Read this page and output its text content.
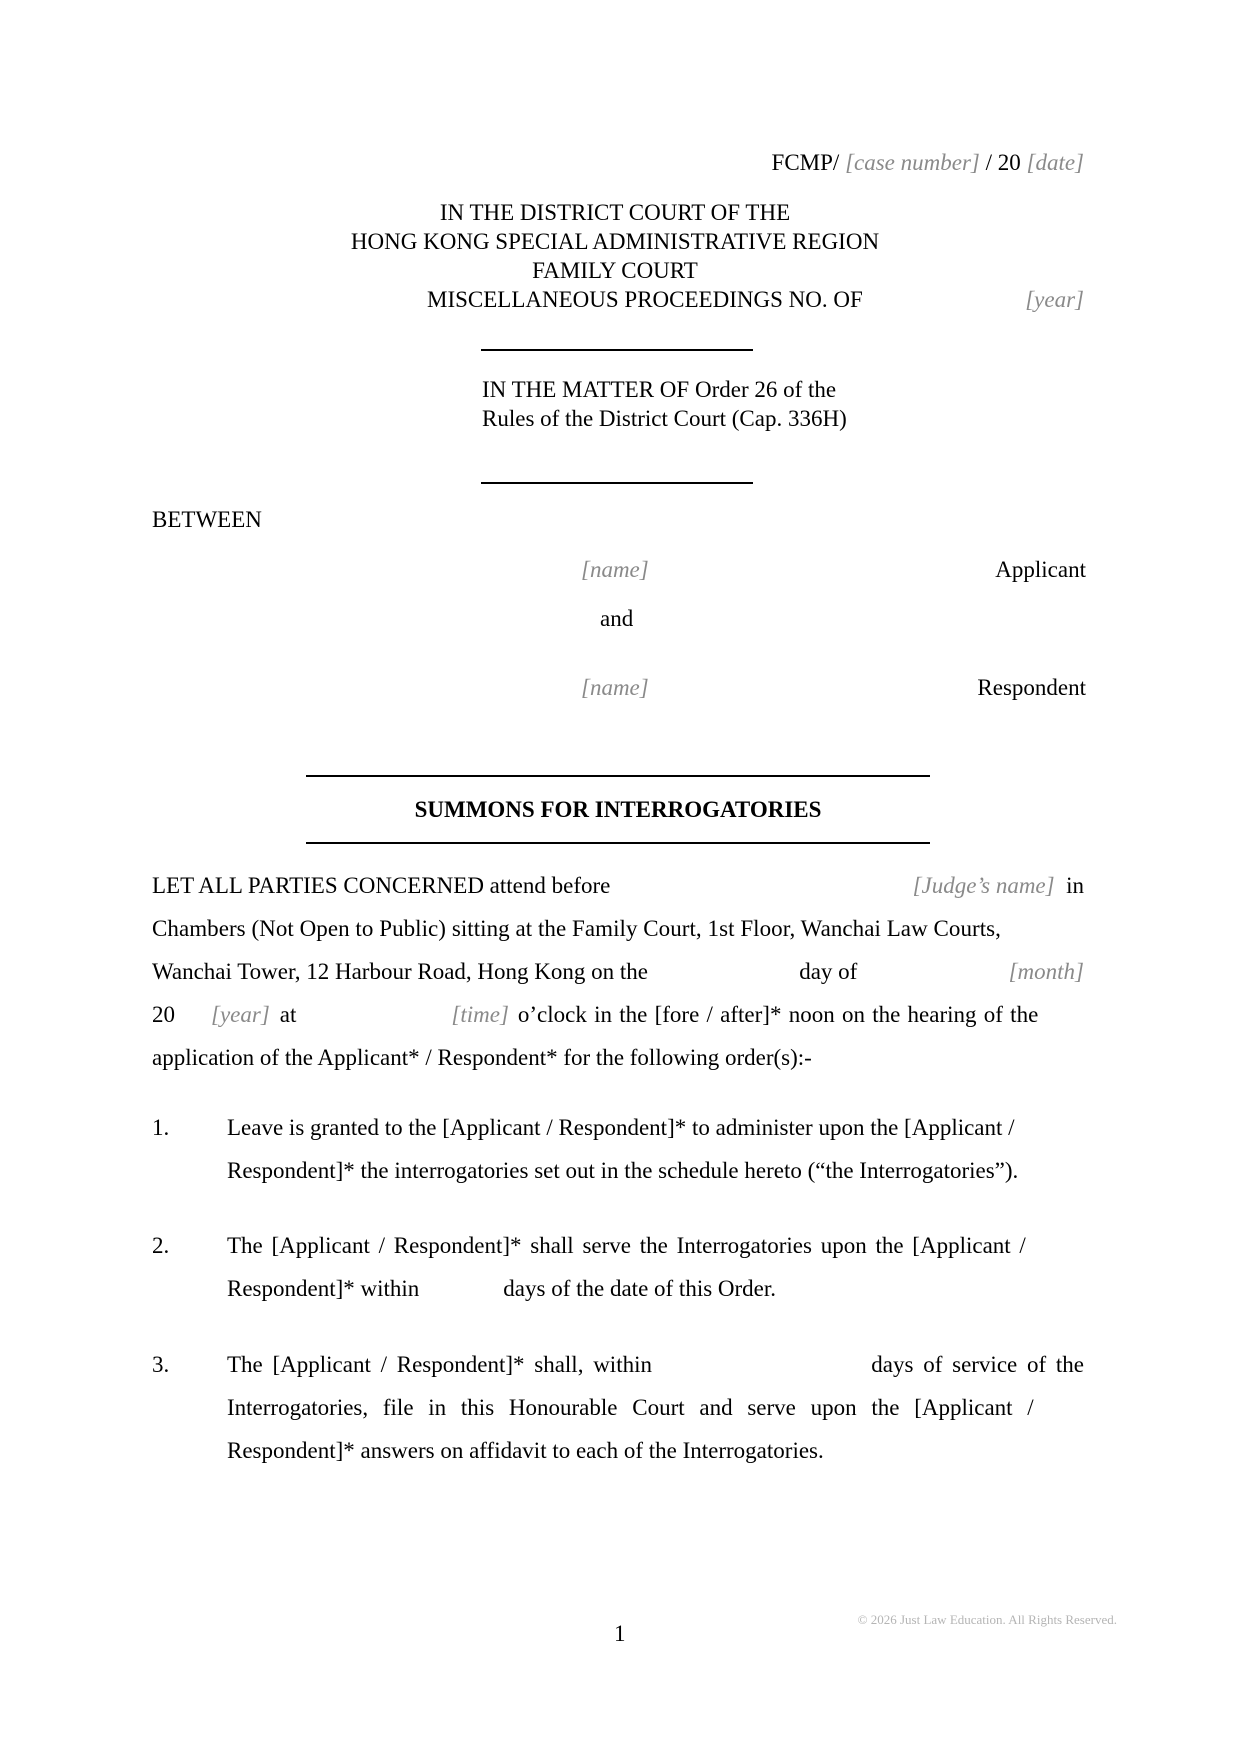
FCMP/ [case number] / 20 [date]
IN THE DISTRICT COURT OF THE
HONG KONG SPECIAL ADMINISTRATIVE REGION
FAMILY COURT
MISCELLANEOUS PROCEEDINGS NO. OF	[year]
IN THE MATTER OF Order 26 of the
Rules of the District Court (Cap. 336H)
BETWEEN
[name]	Applicant
and
[name]	Respondent
SUMMONS FOR INTERROGATORIES
LET ALL PARTIES CONCERNED attend before	[Judge’s name] in
Chambers (Not Open to Public) sitting at the Family Court, 1st Floor, Wanchai Law Courts,
Wanchai Tower, 12 Harbour Road, Hong Kong on the	day of	[month]
20 [year] at	[time] o’clock in the [fore / after]* noon on the hearing of the
application of the Applicant* / Respondent* for the following order(s):-
1.	Leave is granted to the [Applicant / Respondent]* to administer upon the [Applicant /
Respondent]* the interrogatories set out in the schedule hereto (“the Interrogatories”).
2.	The [Applicant / Respondent]* shall serve the Interrogatories upon the [Applicant /
Respondent]* within	days of the date of this Order.
3.	The [Applicant / Respondent]* shall, within	days of service of the
Interrogatories, file in this Honourable Court and serve upon the [Applicant /
Respondent]* answers on affidavit to each of the Interrogatories.
1
© 2026 Just Law Education. All Rights Reserved.
